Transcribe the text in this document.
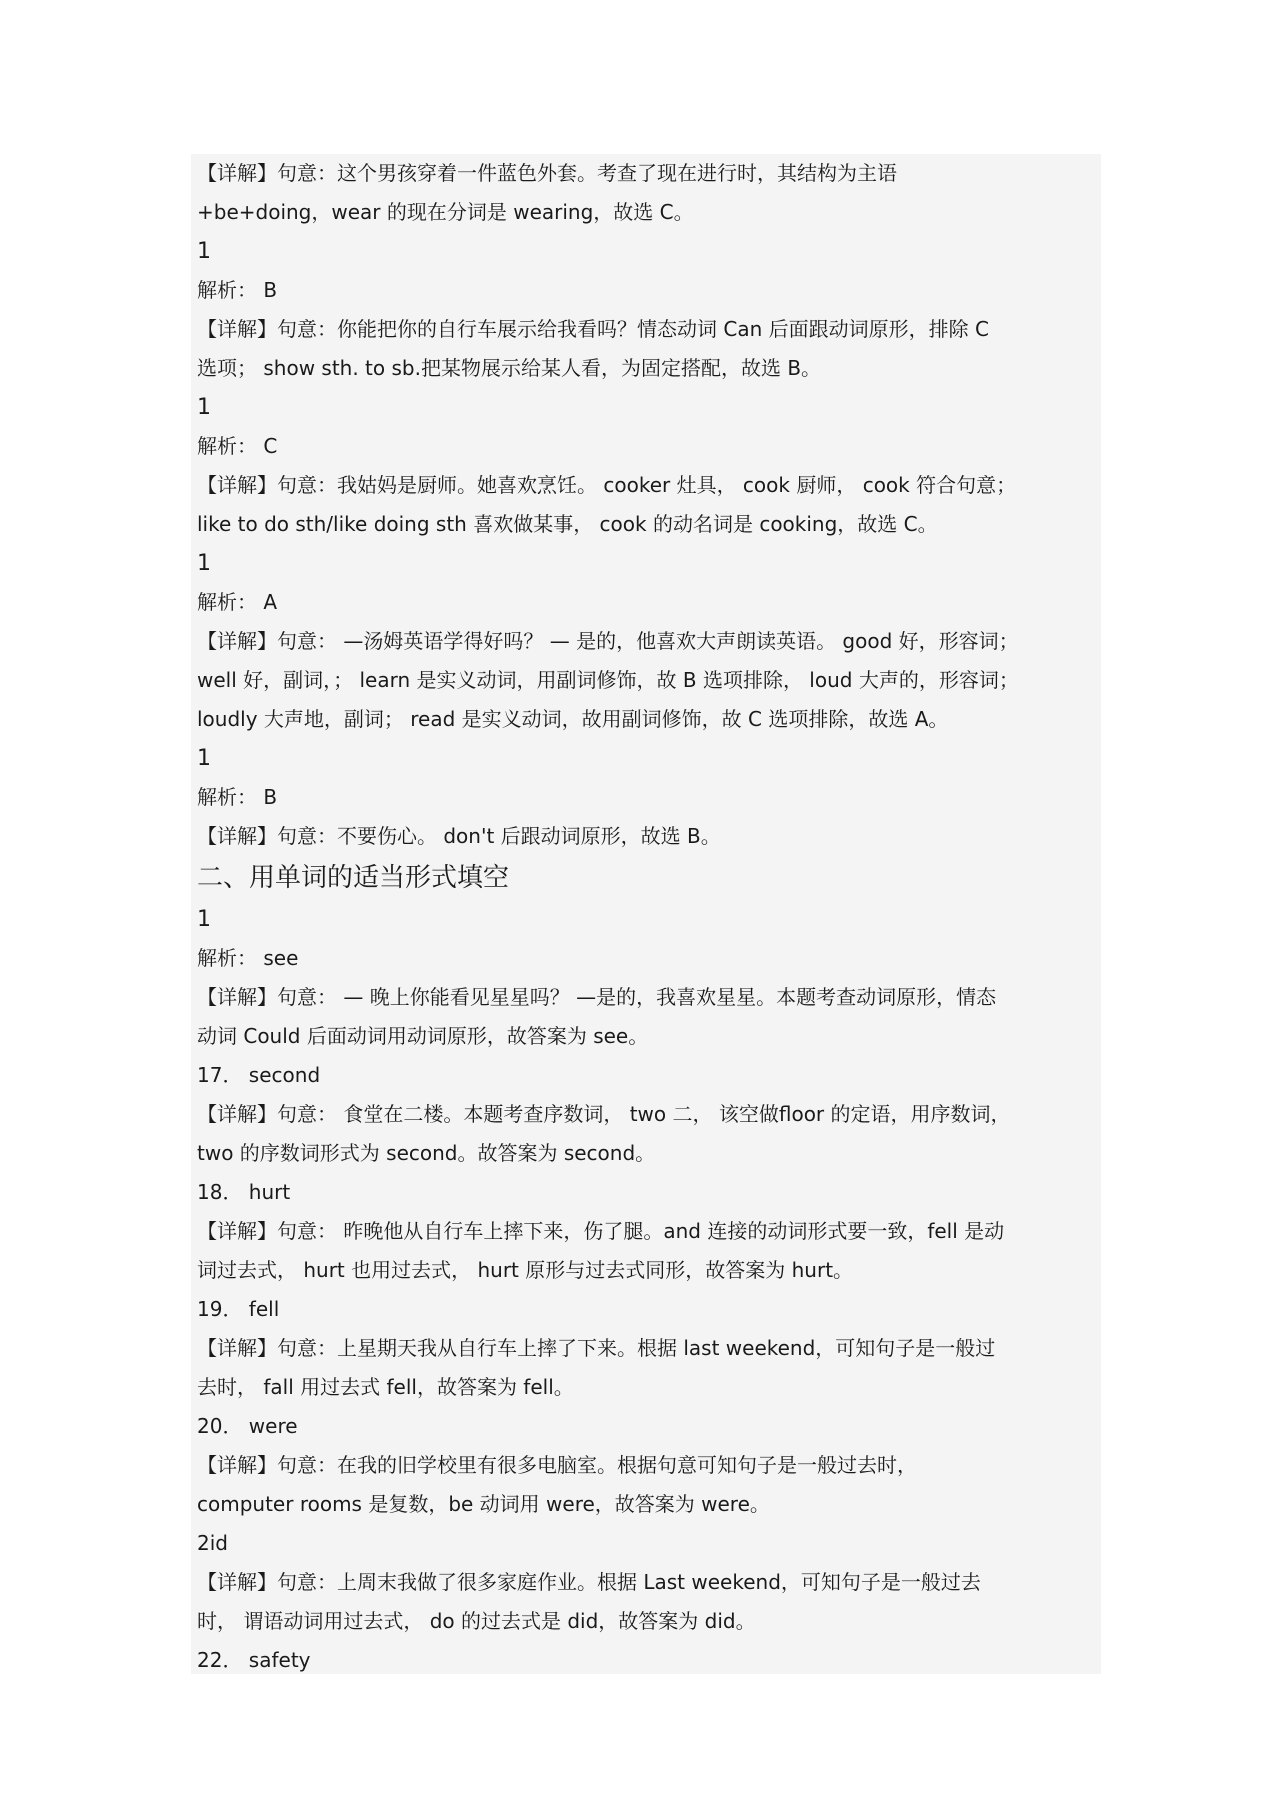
【详解】句意：这个男孩穿着一件蓝色外套。考查了现在进行时，其结构为主语
+be+doing，wear 的现在分词是 wearing，故选 C。
1
解析： B
【详解】句意：你能把你的自行车展示给我看吗？情态动词 Can 后面跟动词原形，排除 C
选项； show sth. to sb.把某物展示给某人看，为固定搭配，故选 B。
1
解析： C
【详解】句意：我姑妈是厨师。她喜欢烹饪。 cooker 灶具， cook 厨师， cook 符合句意；
like to do sth/like doing sth 喜欢做某事， cook 的动名词是 cooking，故选 C。
1
解析： A
【详解】句意： —汤姆英语学得好吗？ — 是的，他喜欢大声朗读英语。 good 好，形容词；
well 好，副词，； learn 是实义动词，用副词修饰，故 B 选项排除， loud 大声的，形容词；
loudly 大声地，副词； read 是实义动词，故用副词修饰，故 C 选项排除，故选 A。
1
解析： B
【详解】句意：不要伤心。 don't 后跟动词原形，故选 B。
二、用单词的适当形式填空
1
解析： see
【详解】句意： — 晚上你能看见星星吗？ —是的，我喜欢星星。本题考查动词原形，情态
动词 Could 后面动词用动词原形，故答案为 see。
17． second
【详解】句意： 食堂在二楼。本题考查序数词， two 二， 该空做floor 的定语，用序数词，
two 的序数词形式为 second。故答案为 second。
18． hurt
【详解】句意： 昨晚他从自行车上摔下来，伤了腿。and 连接的动词形式要一致，fell 是动
词过去式， hurt 也用过去式， hurt 原形与过去式同形，故答案为 hurt。
19． fell
【详解】句意：上星期天我从自行车上摔了下来。根据 last weekend，可知句子是一般过
去时， fall 用过去式 fell，故答案为 fell。
20． were
【详解】句意：在我的旧学校里有很多电脑室。根据句意可知句子是一般过去时，
computer rooms 是复数，be 动词用 were，故答案为 were。
2id
【详解】句意：上周末我做了很多家庭作业。根据 Last weekend，可知句子是一般过去
时， 谓语动词用过去式， do 的过去式是 did，故答案为 did。
22． safety
